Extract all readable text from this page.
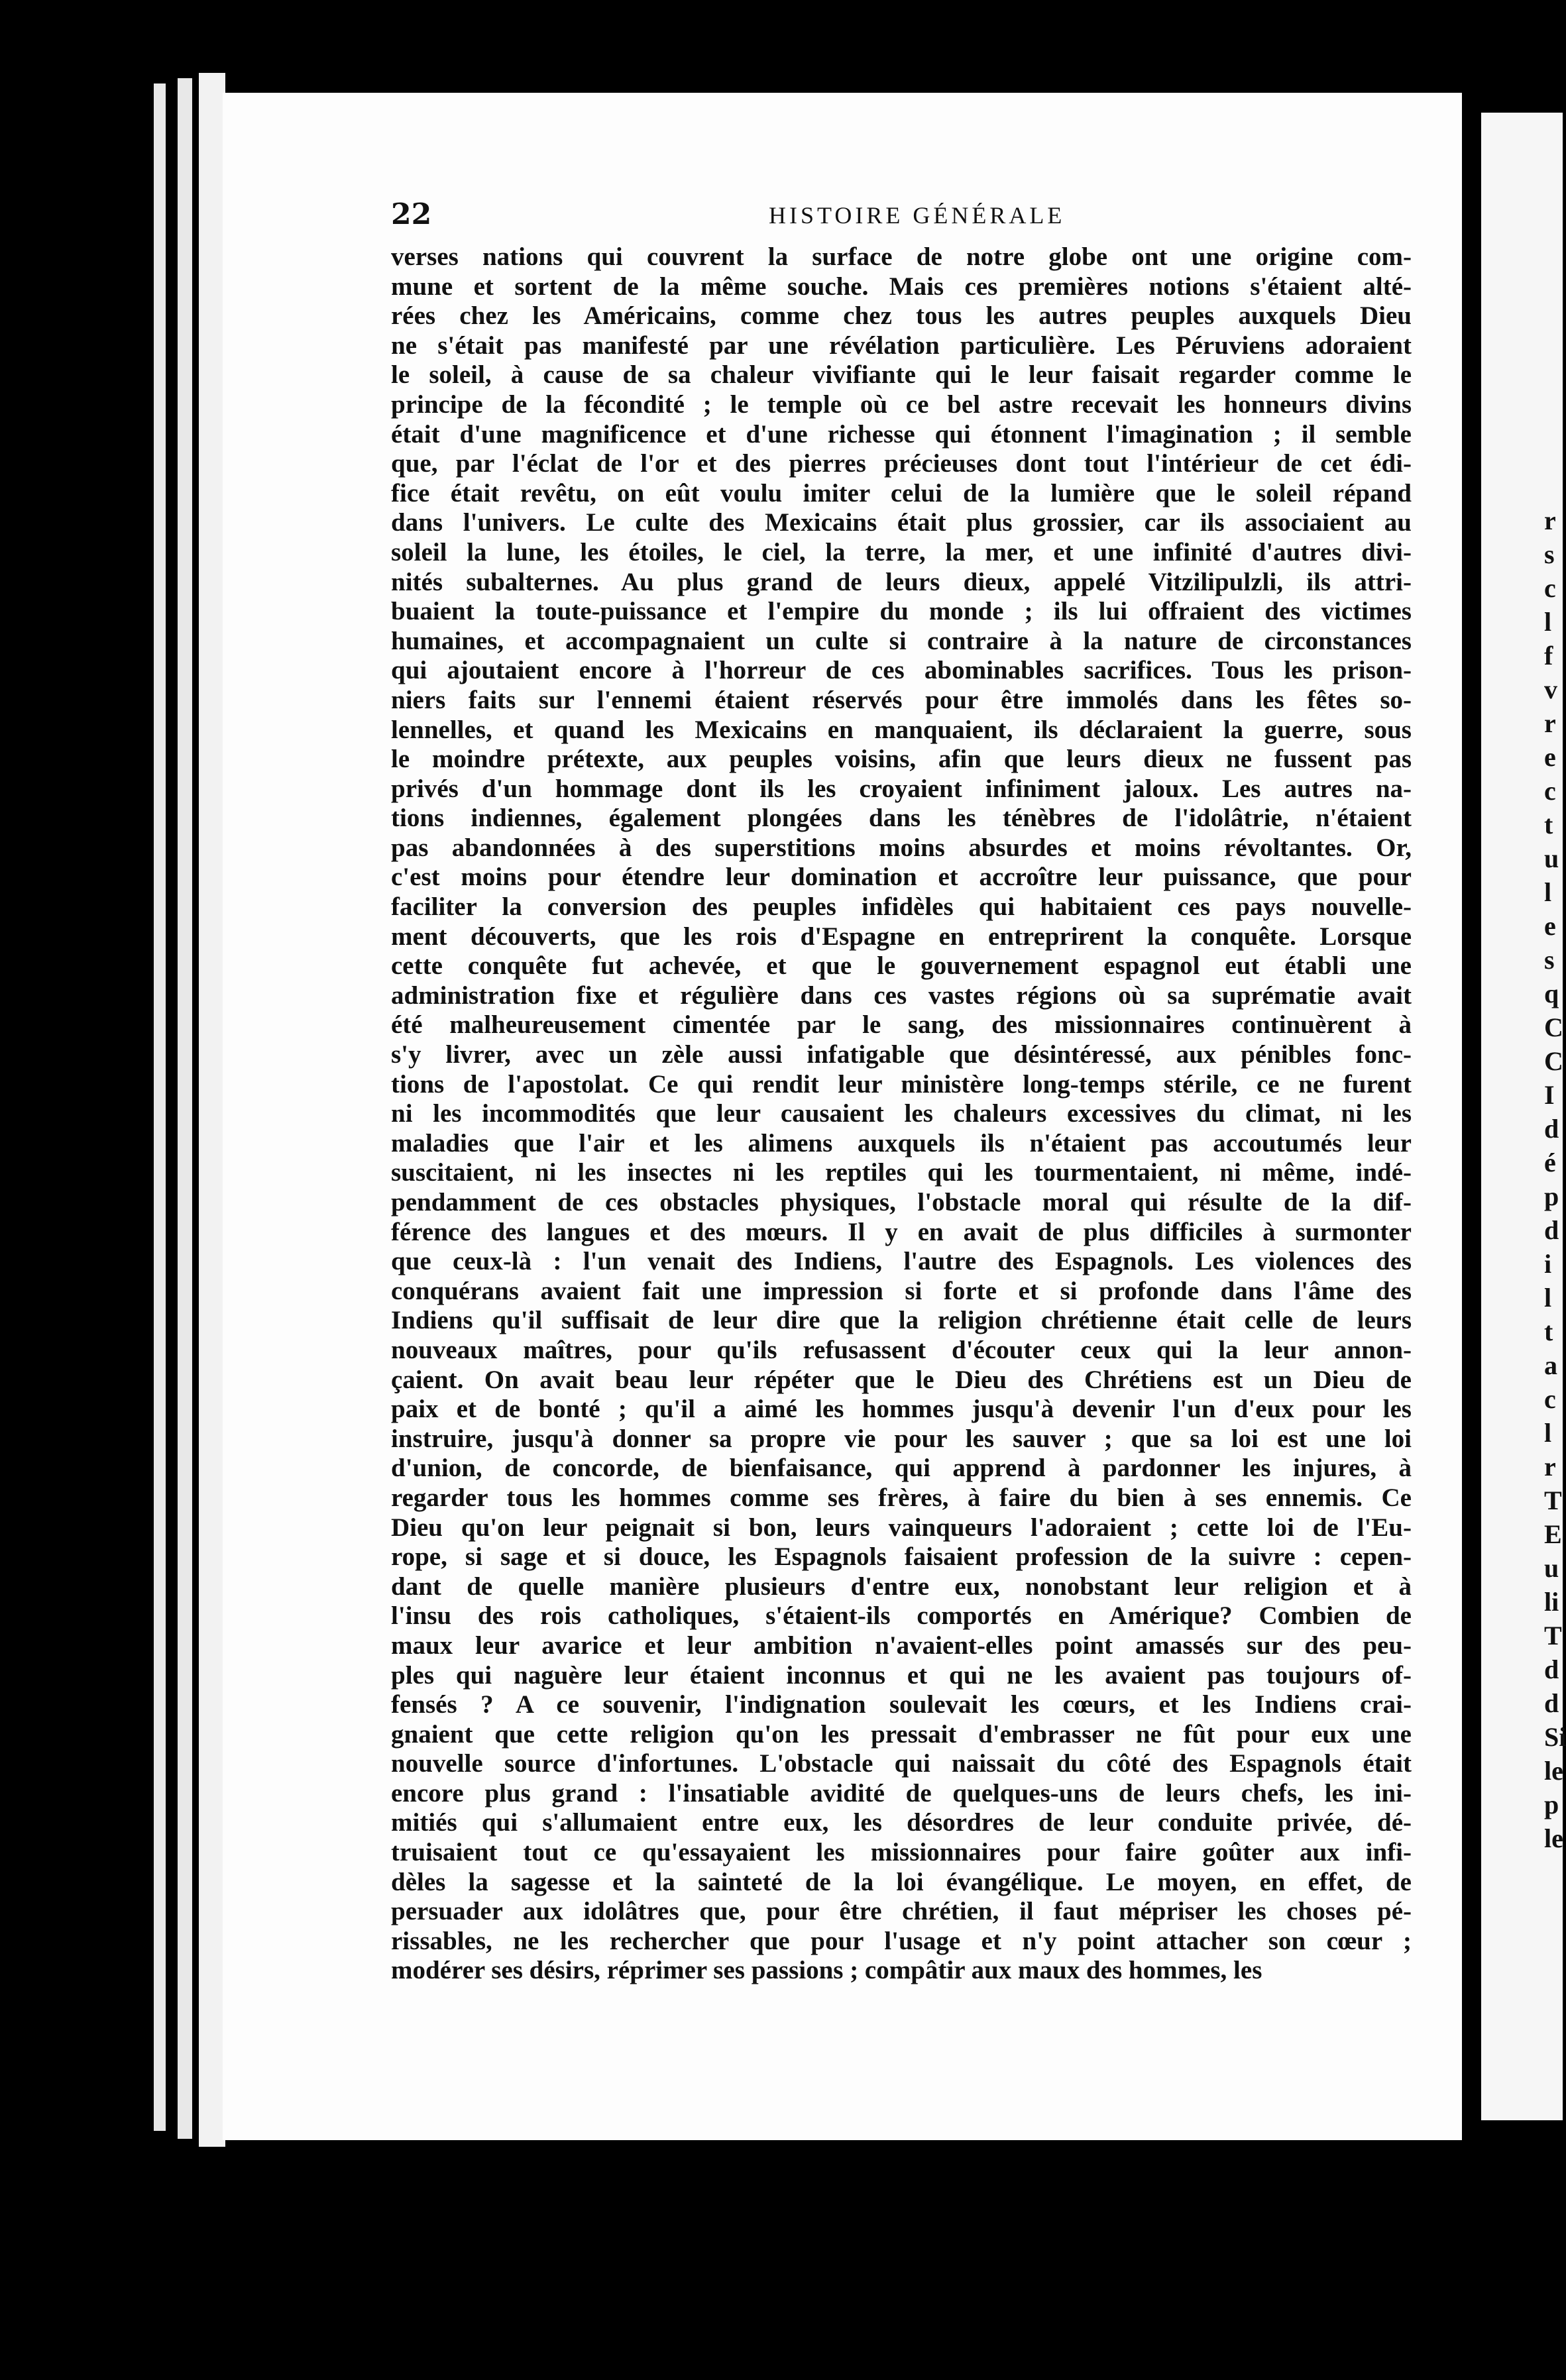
22	HISTOIRE GÉNÉRALE
verses nations qui couvrent la surface de notre globe ont une origine com-
mune et sortent de la même souche. Mais ces premières notions s'étaient alté-
rées chez les Américains, comme chez tous les autres peuples auxquels Dieu
ne s'était pas manifesté par une révélation particulière. Les Péruviens adoraient
le soleil, à cause de sa chaleur vivifiante qui le leur faisait regarder comme le
principe de la fécondité ; le temple où ce bel astre recevait les honneurs divins
était d'une magnificence et d'une richesse qui étonnent l'imagination ; il semble
que, par l'éclat de l'or et des pierres précieuses dont tout l'intérieur de cet édi-
fice était revêtu, on eût voulu imiter celui de la lumière que le soleil répand
dans l'univers. Le culte des Mexicains était plus grossier, car ils associaient au
soleil la lune, les étoiles, le ciel, la terre, la mer, et une infinité d'autres divi-
nités subalternes. Au plus grand de leurs dieux, appelé Vitzilipulzli, ils attri-
buaient la toute-puissance et l'empire du monde ; ils lui offraient des victimes
humaines, et accompagnaient un culte si contraire à la nature de circonstances
qui ajoutaient encore à l'horreur de ces abominables sacrifices. Tous les prison-
niers faits sur l'ennemi étaient réservés pour être immolés dans les fêtes so-
lennelles, et quand les Mexicains en manquaient, ils déclaraient la guerre, sous
le moindre prétexte, aux peuples voisins, afin que leurs dieux ne fussent pas
privés d'un hommage dont ils les croyaient infiniment jaloux. Les autres na-
tions indiennes, également plongées dans les ténèbres de l'idolâtrie, n'étaient
pas abandonnées à des superstitions moins absurdes et moins révoltantes. Or,
c'est moins pour étendre leur domination et accroître leur puissance, que pour
faciliter la conversion des peuples infidèles qui habitaient ces pays nouvelle-
ment découverts, que les rois d'Espagne en entreprirent la conquête. Lorsque
cette conquête fut achevée, et que le gouvernement espagnol eut établi une
administration fixe et régulière dans ces vastes régions où sa suprématie avait
été malheureusement cimentée par le sang, des missionnaires continuèrent à
s'y livrer, avec un zèle aussi infatigable que désintéressé, aux pénibles fonc-
tions de l'apostolat. Ce qui rendit leur ministère long-temps stérile, ce ne furent
ni les incommodités que leur causaient les chaleurs excessives du climat, ni les
maladies que l'air et les alimens auxquels ils n'étaient pas accoutumés leur
suscitaient, ni les insectes ni les reptiles qui les tourmentaient, ni même, indé-
pendamment de ces obstacles physiques, l'obstacle moral qui résulte de la dif-
férence des langues et des mœurs. Il y en avait de plus difficiles à surmonter
que ceux-là : l'un venait des Indiens, l'autre des Espagnols. Les violences des
conquérans avaient fait une impression si forte et si profonde dans l'âme des
Indiens qu'il suffisait de leur dire que la religion chrétienne était celle de leurs
nouveaux maîtres, pour qu'ils refusassent d'écouter ceux qui la leur annon-
çaient. On avait beau leur répéter que le Dieu des Chrétiens est un Dieu de
paix et de bonté ; qu'il a aimé les hommes jusqu'à devenir l'un d'eux pour les
instruire, jusqu'à donner sa propre vie pour les sauver ; que sa loi est une loi
d'union, de concorde, de bienfaisance, qui apprend à pardonner les injures, à
regarder tous les hommes comme ses frères, à faire du bien à ses ennemis. Ce
Dieu qu'on leur peignait si bon, leurs vainqueurs l'adoraient ; cette loi de l'Eu-
rope, si sage et si douce, les Espagnols faisaient profession de la suivre : cepen-
dant de quelle manière plusieurs d'entre eux, nonobstant leur religion et à
l'insu des rois catholiques, s'étaient-ils comportés en Amérique? Combien de
maux leur avarice et leur ambition n'avaient-elles point amassés sur des peu-
ples qui naguère leur étaient inconnus et qui ne les avaient pas toujours of-
fensés ? A ce souvenir, l'indignation soulevait les cœurs, et les Indiens crai-
gnaient que cette religion qu'on les pressait d'embrasser ne fût pour eux une
nouvelle source d'infortunes. L'obstacle qui naissait du côté des Espagnols était
encore plus grand : l'insatiable avidité de quelques-uns de leurs chefs, les ini-
mitiés qui s'allumaient entre eux, les désordres de leur conduite privée, dé-
truisaient tout ce qu'essayaient les missionnaires pour faire goûter aux infi-
dèles la sagesse et la sainteté de la loi évangélique. Le moyen, en effet, de
persuader aux idolâtres que, pour être chrétien, il faut mépriser les choses pé-
rissables, ne les rechercher que pour l'usage et n'y point attacher son cœur ;
modérer ses désirs, réprimer ses passions ; compâtir aux maux des hommes, les
r
s
c
l
f
v
r
e
c
t
u
l
e
s
q
C
C
I
d
é
p
d
i
l
t
a
c
l
r
T
E
u
li
T
d
d
Si
le
p
le
